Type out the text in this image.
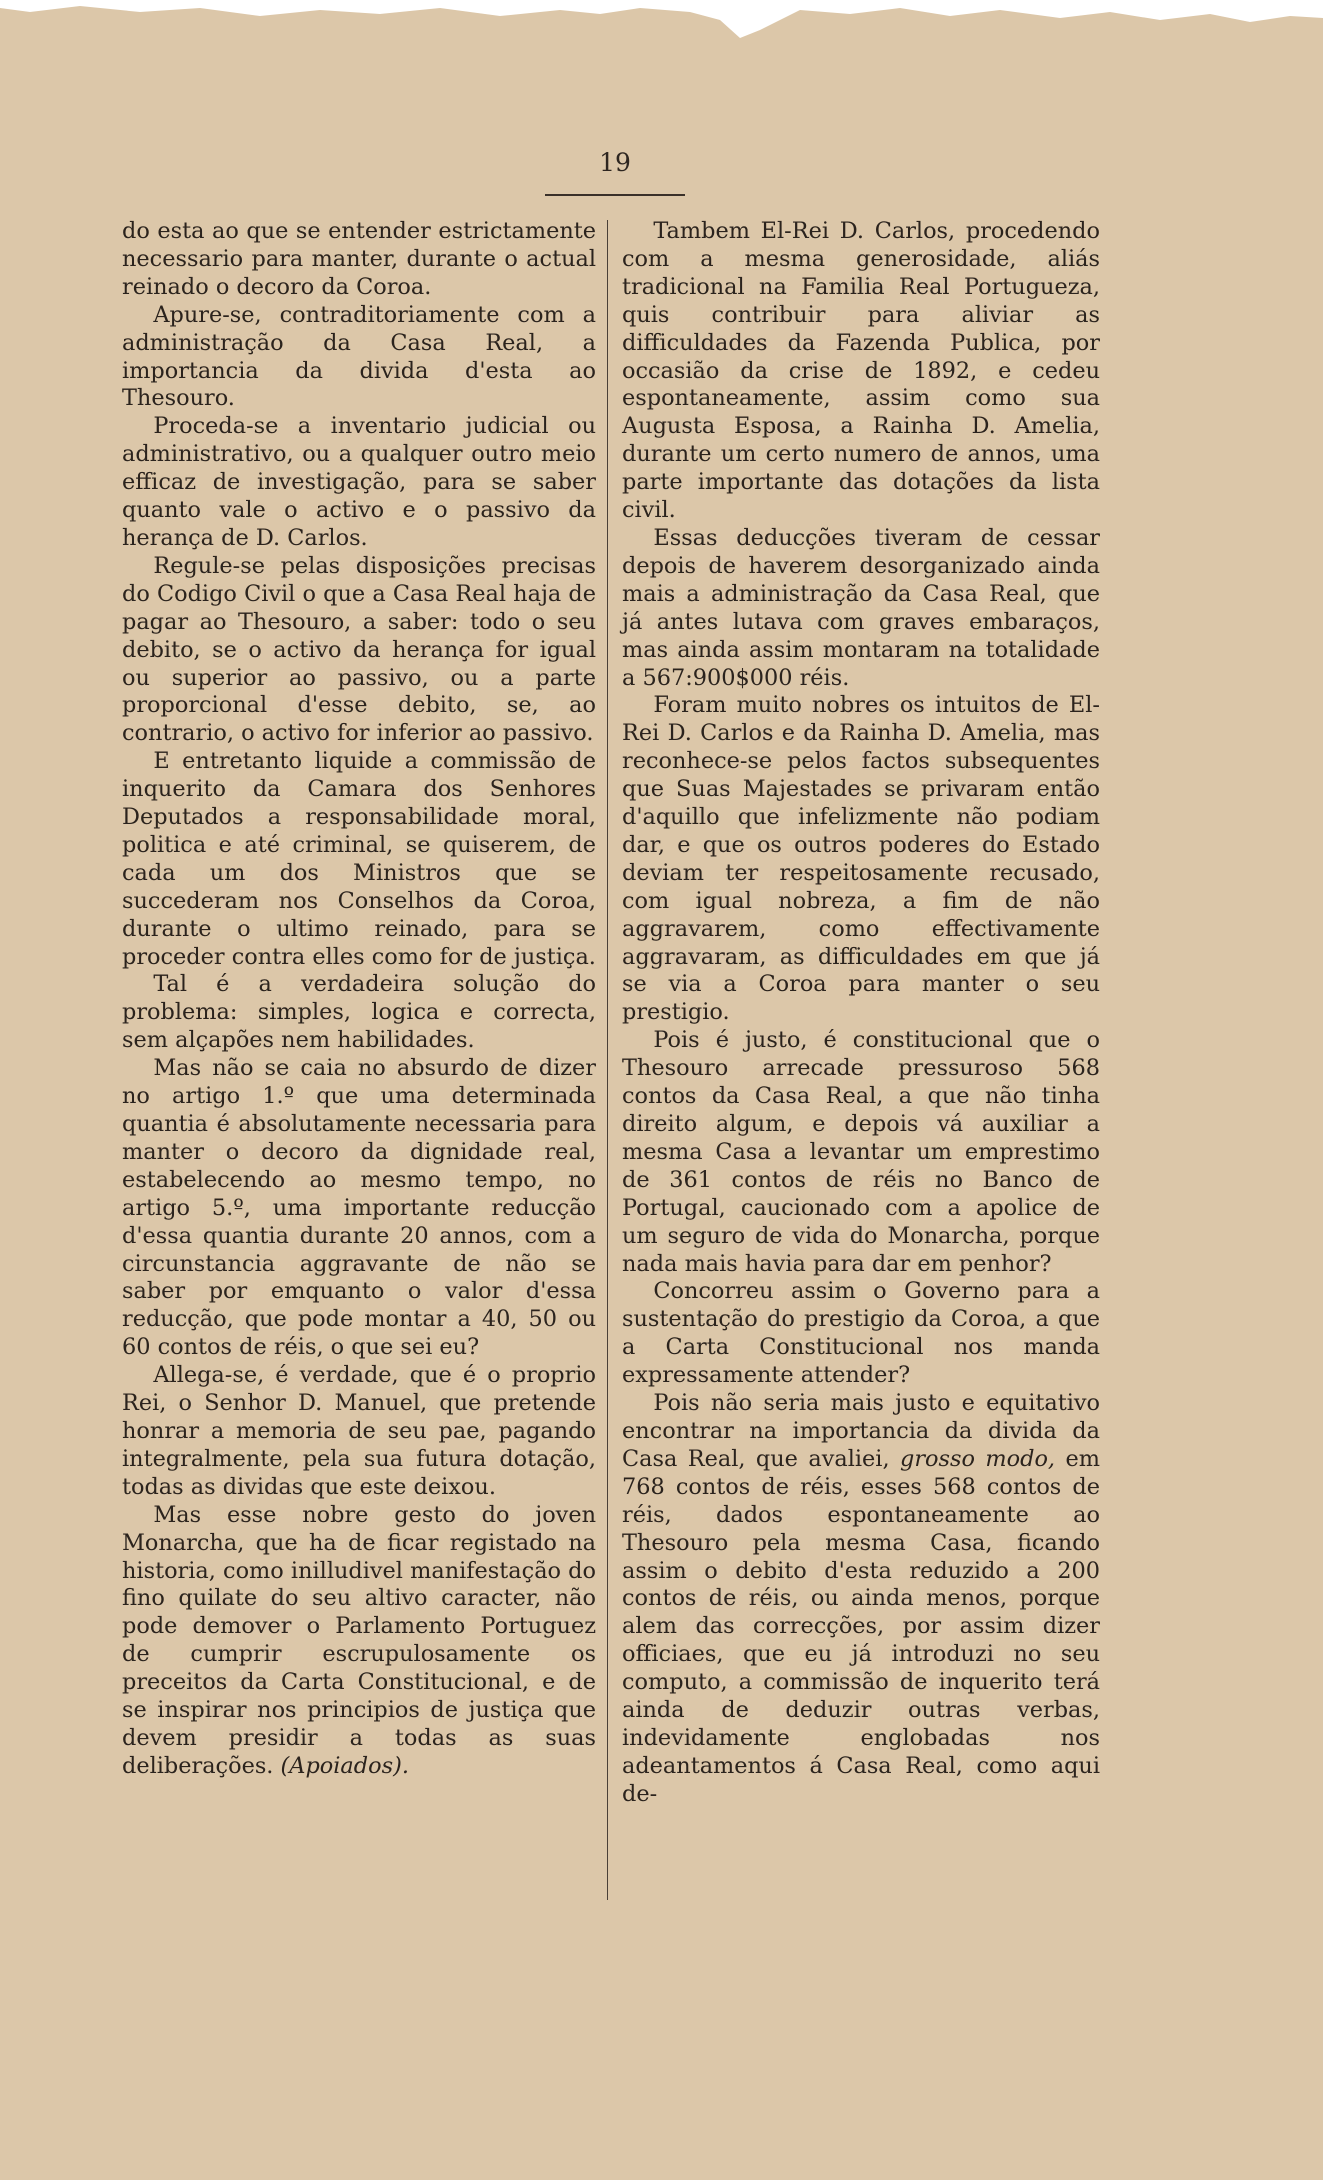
19

do esta ao que se entender estrictamente necessario para manter, durante o actual reinado o decoro da Coroa.

Apure-se, contraditoriamente com a administração da Casa Real, a importancia da divida d'esta ao Thesouro.

Proceda-se a inventario judicial ou administrativo, ou a qualquer outro meio efficaz de investigação, para se saber quanto vale o activo e o passivo da herança de D. Carlos.

Regule-se pelas disposições precisas do Codigo Civil o que a Casa Real haja de pagar ao Thesouro, a saber: todo o seu debito, se o activo da herança for igual ou superior ao passivo, ou a parte proporcional d'esse debito, se, ao contrario, o activo for inferior ao passivo.

E entretanto liquide a commissão de inquerito da Camara dos Senhores Deputados a responsabilidade moral, politica e até criminal, se quiserem, de cada um dos Ministros que se succederam nos Conselhos da Coroa, durante o ultimo reinado, para se proceder contra elles como for de justiça.

Tal é a verdadeira solução do problema: simples, logica e correcta, sem alçapões nem habilidades.

Mas não se caia no absurdo de dizer no artigo 1.º que uma determinada quantia é absolutamente necessaria para manter o decoro da dignidade real, estabelecendo ao mesmo tempo, no artigo 5.º, uma importante reducção d'essa quantia durante 20 annos, com a circunstancia aggravante de não se saber por emquanto o valor d'essa reducção, que pode montar a 40, 50 ou 60 contos de réis, o que sei eu?

Allega-se, é verdade, que é o proprio Rei, o Senhor D. Manuel, que pretende honrar a memoria de seu pae, pagando integralmente, pela sua futura dotação, todas as dividas que este deixou.

Mas esse nobre gesto do joven Monarcha, que ha de ficar registado na historia, como inilludivel manifestação do fino quilate do seu altivo caracter, não pode demover o Parlamento Portuguez de cumprir escrupulosamente os preceitos da Carta Constitucional, e de se inspirar nos principios de justiça que devem presidir a todas as suas deliberações. (Apoiados).

Tambem El-Rei D. Carlos, procedendo com a mesma generosidade, aliás tradicional na Familia Real Portugueza, quis contribuir para aliviar as difficuldades da Fazenda Publica, por occasião da crise de 1892, e cedeu espontaneamente, assim como sua Augusta Esposa, a Rainha D. Amelia, durante um certo numero de annos, uma parte importante das dotações da lista civil.

Essas deducções tiveram de cessar depois de haverem desorganizado ainda mais a administração da Casa Real, que já antes lutava com graves embaraços, mas ainda assim montaram na totalidade a 567:900$000 réis.

Foram muito nobres os intuitos de El-Rei D. Carlos e da Rainha D. Amelia, mas reconhece-se pelos factos subsequentes que Suas Majestades se privaram então d'aquillo que infelizmente não podiam dar, e que os outros poderes do Estado deviam ter respeitosamente recusado, com igual nobreza, a fim de não aggravarem, como effectivamente aggravaram, as difficuldades em que já se via a Coroa para manter o seu prestigio.

Pois é justo, é constitucional que o Thesouro arrecade pressuroso 568 contos da Casa Real, a que não tinha direito algum, e depois vá auxiliar a mesma Casa a levantar um emprestimo de 361 contos de réis no Banco de Portugal, caucionado com a apolice de um seguro de vida do Monarcha, porque nada mais havia para dar em penhor?

Concorreu assim o Governo para a sustentação do prestigio da Coroa, a que a Carta Constitucional nos manda expressamente attender?

Pois não seria mais justo e equitativo encontrar na importancia da divida da Casa Real, que avaliei, grosso modo, em 768 contos de réis, esses 568 contos de réis, dados espontaneamente ao Thesouro pela mesma Casa, ficando assim o debito d'esta reduzido a 200 contos de réis, ou ainda menos, porque alem das correcções, por assim dizer officiaes, que eu já introduzi no seu computo, a commissão de inquerito terá ainda de deduzir outras verbas, indevidamente englobadas nos adeantamentos á Casa Real, como aqui de-
